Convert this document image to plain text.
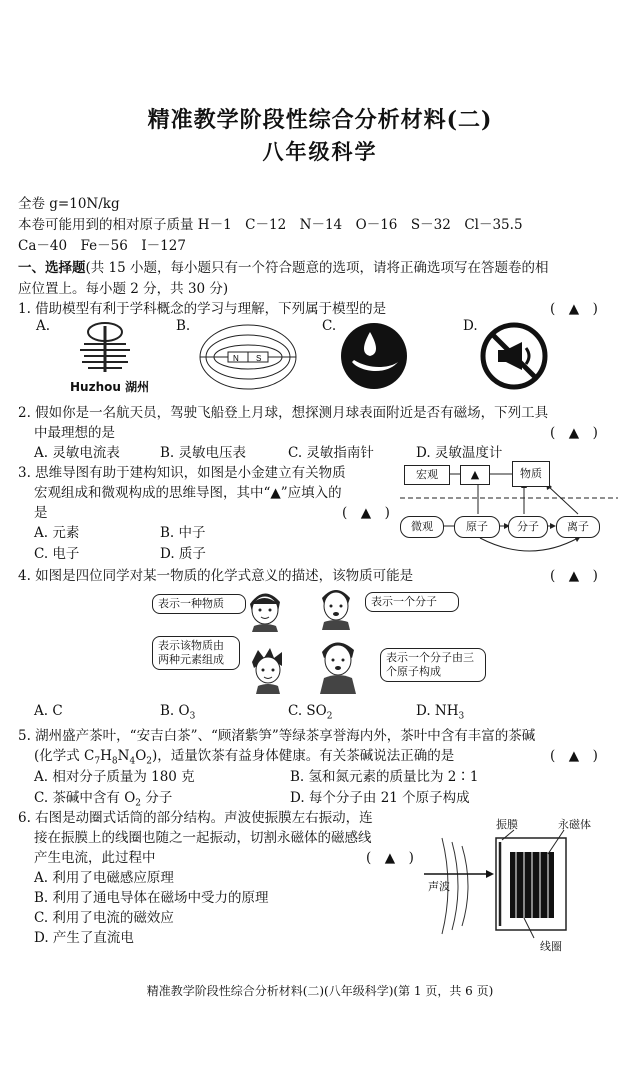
精准教学阶段性综合分析材料(二)
八年级科学
全卷 g=10N/kg
本卷可能用到的相对原子质量 H－1　C－12　N－14　O－16　S－32　Cl－35.5
Ca－40　Fe－56　I－127
一、选择题(共 15 小题，每小题只有一个符合题意的选项，请将正确选项写在答题卷的相
应位置上。每小题 2 分，共 30 分)
1. 借助模型有利于学科概念的学习与理解，下列属于模型的是	(　▲　)
A.	B.	C.	D.
Huzhou 湖州
N S
2. 假如你是一名航天员，驾驶飞船登上月球，想探测月球表面附近是否有磁场，下列工具
中最理想的是	(　▲　)
A. 灵敏电流表	B. 灵敏电压表	C. 灵敏指南针	D. 灵敏温度计
3. 思维导图有助于建构知识，如图是小金建立有关物质
宏观组成和微观构成的思维导图，其中“▲”应填入的
是	(　▲　)
A. 元素	B. 中子
C. 电子	D. 质子
宏观	▲	物质
微观	原子	分子	离子
4. 如图是四位同学对某一物质的化学式意义的描述，该物质可能是	(　▲　)
表示一种物质	表示一个分子
表示该物质由两种元素组成	表示一个分子由三个原子构成
A. C	B. $O_3$	C. $SO_2$	D. $NH_3$
5. 湖州盛产茶叶，“安吉白茶”、“顾渚紫笋”等绿茶享誉海内外，茶叶中含有丰富的茶碱
(化学式 $C_7H_8N_4O_2$)，适量饮茶有益身体健康。有关茶碱说法正确的是	(　▲　)
A. 相对分子质量为 180 克	B. 氢和氮元素的质量比为 2∶1
C. 茶碱中含有 $O_2$ 分子	D. 每个分子由 21 个原子构成
6. 右图是动圈式话筒的部分结构。声波使振膜左右振动，连
接在振膜上的线圈也随之一起振动，切割永磁体的磁感线
产生电流，此过程中	(　▲　)
A. 利用了电磁感应原理
B. 利用了通电导体在磁场中受力的原理
C. 利用了电流的磁效应
D. 产生了直流电
振膜	永磁体
声波
线圈
精准教学阶段性综合分析材料(二)(八年级科学)(第 1 页，共 6 页)
